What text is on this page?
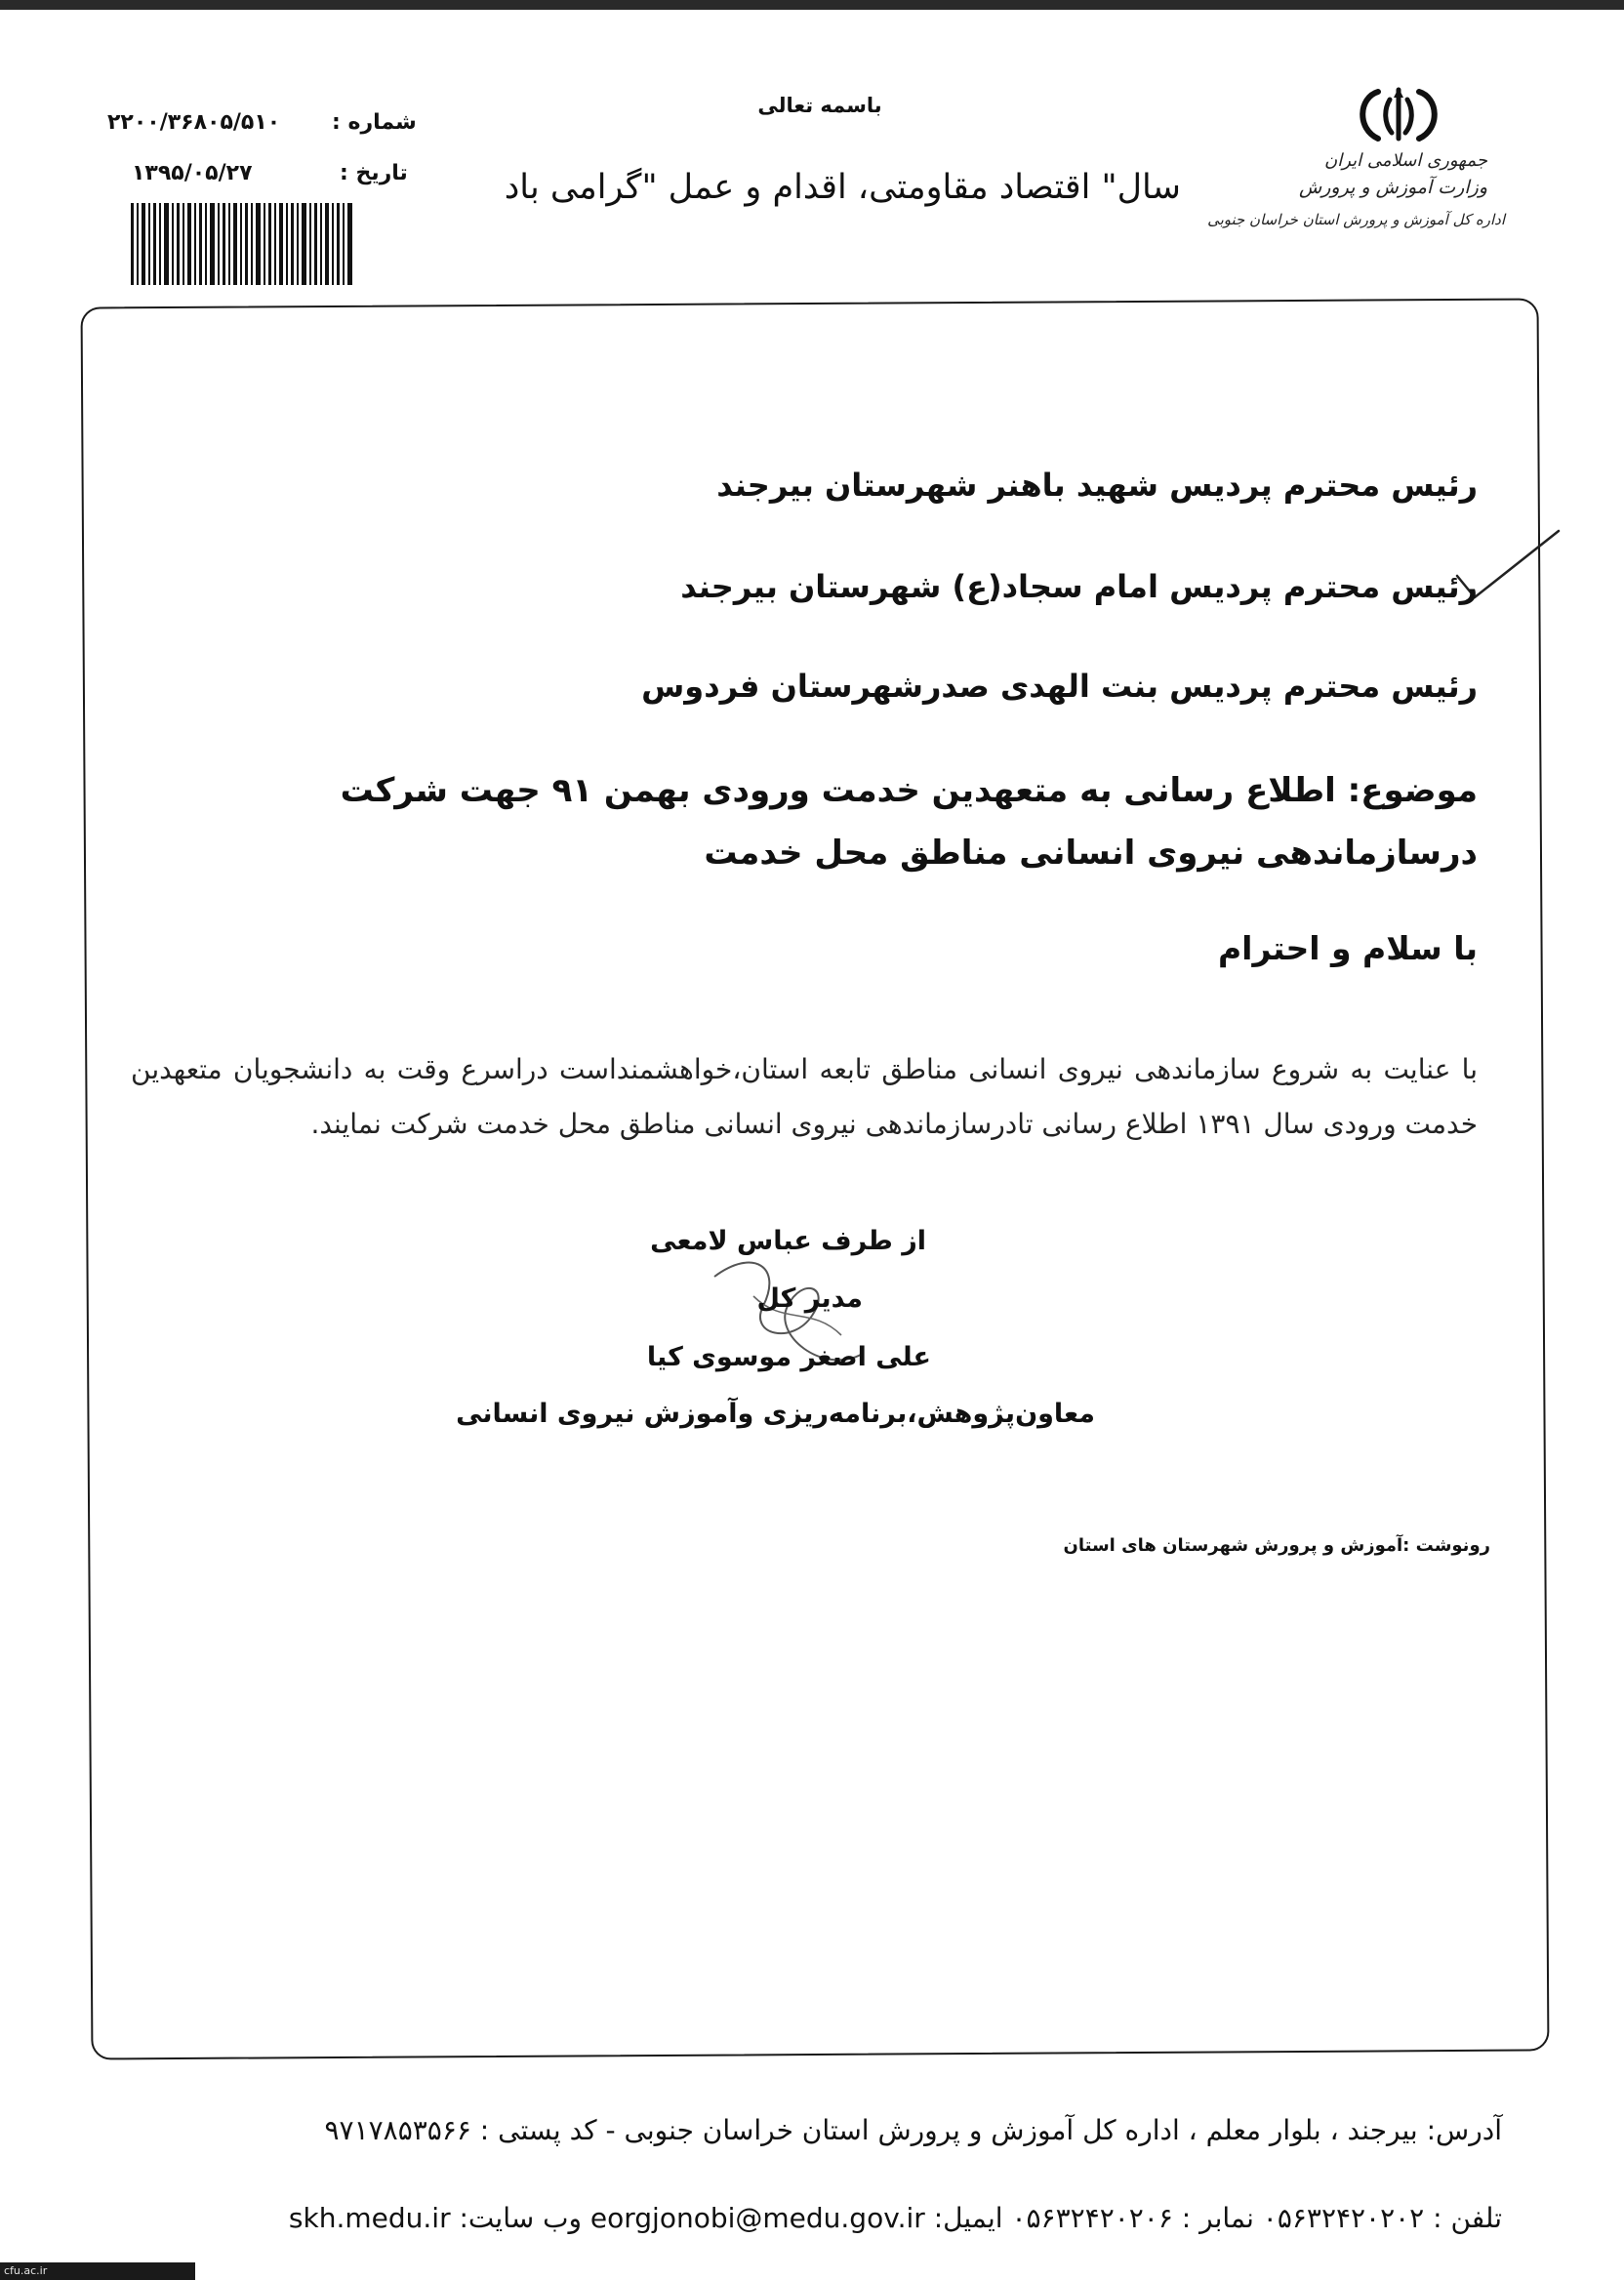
جمهوری اسلامی ایران
وزارت آموزش و پرورش
اداره کل آموزش و پرورش استان خراسان جنوبی
باسمه تعالی
سال" اقتصاد مقاومتی، اقدام و عمل "گرامی باد
شماره :
۲۲۰۰/۳۶۸۰۵/۵۱۰
تاریخ :
۱۳۹۵/۰۵/۲۷
رئیس محترم پردیس شهید باهنر شهرستان بیرجند
رئیس محترم پردیس امام سجاد(ع) شهرستان بیرجند
رئیس محترم پردیس بنت الهدی صدرشهرستان فردوس
موضوع: اطلاع رسانی به متعهدین خدمت ورودی بهمن ۹۱ جهت شرکت درسازماندهی نیروی انسانی مناطق محل خدمت
با سلام و احترام
با عنایت به شروع سازماندهی نیروی انسانی مناطق تابعه استان،خواهشمنداست دراسرع وقت به دانشجویان متعهدین خدمت ورودی سال ۱۳۹۱ اطلاع رسانی تادرسازماندهی نیروی انسانی مناطق محل خدمت شرکت نمایند.
از طرف عباس لامعی
مدیر کل
علی اصغر موسوی کیا
معاون‌پژوهش،برنامه‌ریزی وآموزش نیروی انسانی
رونوشت :آموزش و پرورش شهرستان های استان
آدرس: بیرجند ، بلوار معلم ، اداره کل آموزش و پرورش استان خراسان جنوبی - کد پستی : ۹۷۱۷۸۵۳۵۶۶
تلفن : ۰۵۶۳۲۴۲۰۲۰۲ نمابر : ۰۵۶۳۲۴۲۰۲۰۶ ایمیل: eorgjonobi@medu.gov.ir وب سایت: skh.medu.ir
cfu.ac.ir
